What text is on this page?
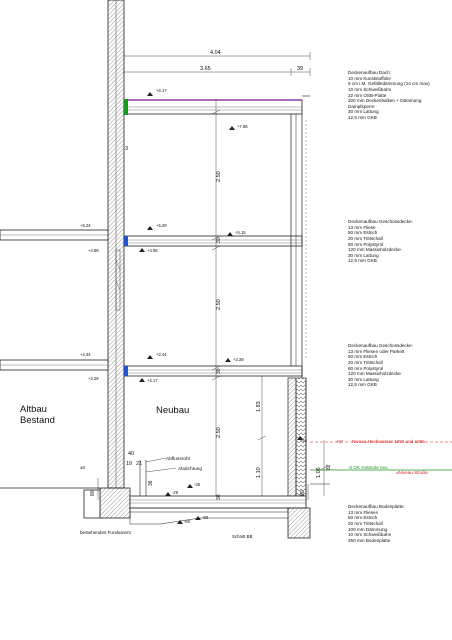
4.04
3.65	39
3
2.50
30
2.50
30
2.50
30
1.83
1.10	1.06
82
80	80
40
19 21
36
+6.17
+7.86
+5.24
+4.98
+5.29
+5.15
+4.98
+2.44
+2.29
+2.44
+2.29
+2.17
±0
-26
-36
-80
-80
+54	+57 Niveau Hochwasser 1993 und 1995
-0 OK Gelände neu
±Niveau Straße
Abflussrohr
Abdichtung
bestehendes Fundament
Schnitt BB
Altbau
Bestand
Neubau

Deckenaufbau Dach:
10 mm Kunststoffolie
9 cm i.M. Gefälledämmung (14 cm max)
10 mm Schweißbahn
22 mm OSB-Platte
200 mm Deckenbalken + Dämmung
Dampfsperre
30 mm Lattung
12,5 mm GKB

Deckenaufbau Geschossdecke:
13 mm Fliese
50 mm Estrich
20 mm Trittschall
60 mm Polystyrol
120 mm Massivholzdecke
30 mm Lattung
12,5 mm GKB

Deckenaufbau Geschossdecke:
13 mm Fliesen oder Parkett
50 mm Estrich
20 mm Trittschall
60 mm Polystyrol
120 mm Massivholzdecke
30 mm Lattung
12,5 mm GKB

Deckenaufbau Bodenplatte:
13 mm Fliesen
50 mm Estrich
20 mm Trittschall
100 mm Dämmung
10 mm Schweißbahn
250 mm Bodenplatte
